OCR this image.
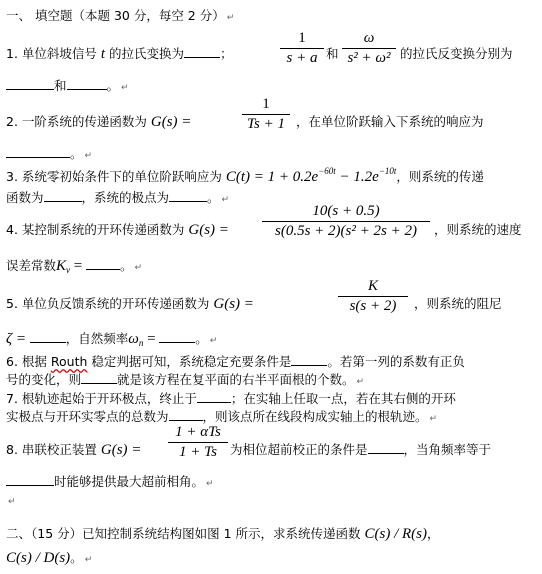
一、 填空题（本题 30 分，每空 2 分） ↵
1. 单位斜坡信号 t 的拉氏变换为	；
1
s + a 和
ω
s² + ω² 的拉氏反变换分别为
和	。 ↵
2. 一阶系统的传递函数为 G(s) =
1
Ts + 1 ，在单位阶跃输入下系统的响应为
。 ↵
3. 系统零初始条件下的单位阶跃响应为 $C(t) = 1 + 0.2e^{-60t} - 1.2e^{-10t}$，则系统的传递
函数为	，系统的极点为	。 ↵
4. 某控制系统的开环传递函数为 G(s) =
10(s + 0.5)
s(0.5s + 2)(s² + 2s + 2)	，则系统的速度
误差常数$K_v$ =	。 ↵
5. 单位负反馈系统的开环传递函数为 G(s) =
K
s(s + 2)	，则系统的阻尼
ζ =	，自然频率$\omega_n$ =	。 ↵
6. 根据 Routh 稳定判据可知，系统稳定充要条件是	。若第一列的系数有正负
号的变化，则	就是该方程在复平面的右半平面根的个数。 ↵
7. 根轨迹起始于开环极点，终止于	；在实轴上任取一点，若在其右侧的开环
实极点与开环实零点的总数为	，则该点所在线段构成实轴上的根轨迹。 ↵
8. 串联校正装置 G(s) =
1 + αTs
1 + Ts	为相位超前校正的条件是	，当角频率等于
时能够提供最大超前相角。 ↵
↵
二、（15 分）已知控制系统结构图如图 1 所示，求系统传递函数 C(s) / R(s)，
C(s) / D(s)。 ↵
